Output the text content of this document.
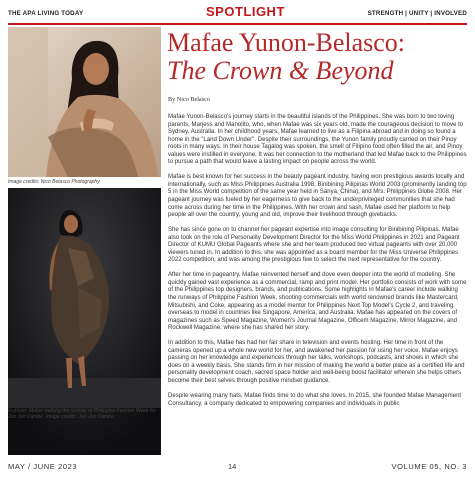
THE APA LIVING TODAY	SPOTLIGHT	STRENGTH | UNITY | INVOLVED
Image credits: Nico Belasco Photography
In photo: Mafae walking the runway at Philippine Fashion Week for Jun Jun Cambe. Image credits: Jun Jun Cambe
Mafae Yunon-Belasco:
The Crown & Beyond
By Nico Belasco

Mafae Yunon-Belasco's journey starts in the beautiful islands of the Philippines. She was born to two loving parents, Marjess and Manolito, who, when Mafae was six years old, made the courageous decision to move to Sydney, Australia. In her childhood years, Mafae learned to live as a Filipina abroad and in doing so found a home in the "Land Down Under". Despite their surroundings, the Yunon family proudly carried on their Pinoy roots in many ways. In their house Tagalog was spoken, the smell of Filipino food often filled the air, and Pinoy values were instilled in everyone. It was her connection to the motherland that led Mafae back to the Philippines to pursue a path that would leave a lasting impact on people across the world.

Mafae is best known for her success in the beauty pageant industry, having won prestigious awards locally and internationally, such as Miss Philippines Australia 1998, Binibining Pilipinas World 2003 (prominently landing top 5 in the Miss World competition of the same year held in Sanya, China), and Mrs. Philippines Globe 2008. Her pageant journey was fueled by her eagerness to give back to the underprivileged communities that she had come across during her time in the Philippines. With her crown and sash, Mafae used her platform to help people all over the country, young and old, improve their livelihood through givebacks.

She has since gone on to channel her pageant expertise into image consulting for Binibining Pilipinas. Mafae also took on the role of Personality Development Director for the Miss World Philippines in 2021 and Pageant Director of KUMU Global Pageants where she and her team produced two virtual pageants with over 20,000 viewers tuned in. In addition to this, she was appointed as a board member for the Miss Universe Philippines 2022 competition, and was among the prestigious few to select the next representative for the country.

After her time in pageantry, Mafae reinvented herself and dove even deeper into the world of modeling. She quickly gained vast experience as a commercial, ramp and print model. Her portfolio consists of work with some of the Philippines top designers, brands, and publications. Some highlights in Mafae's career include walking the runways of Philippine Fashion Week, shooting commercials with world renowned brands like Mastercard, Mitsubishi, and Coke, appearing as a model mentor for Philippines Next Top Model's Cycle 2, and traveling overseas to model in countries like Singapore, America, and Australia. Mafae has appeared on the covers of magazines such as Speed Magazine, Women's Journal Magazine, Officem Magazine, Mirror Magazine, and Rockwell Magazine, where she has shared her story.

In addition to this, Mafae has had her fair share in television and events hosting. Her time in front of the cameras opened up a whole new world for her, and awakened her passion for using her voice. Mafae enjoys passing on her knowledge and experiences through her talks, workshops, podcasts, and shows in which she does on a weekly basis. She stands firm in her mission of making the world a better place as a certified life and personality development coach, sacred space holder and well-being boost facilitator wherein she helps others become their best selves through positive mindset guidance.

Despite wearing many hats, Mafae finds time to do what she loves. In 2015, she founded Mafae Management Consultancy, a company dedicated to empowering companies and individuals in public

MAY / JUNE 2023	14	VOLUME 05, NO. 3
